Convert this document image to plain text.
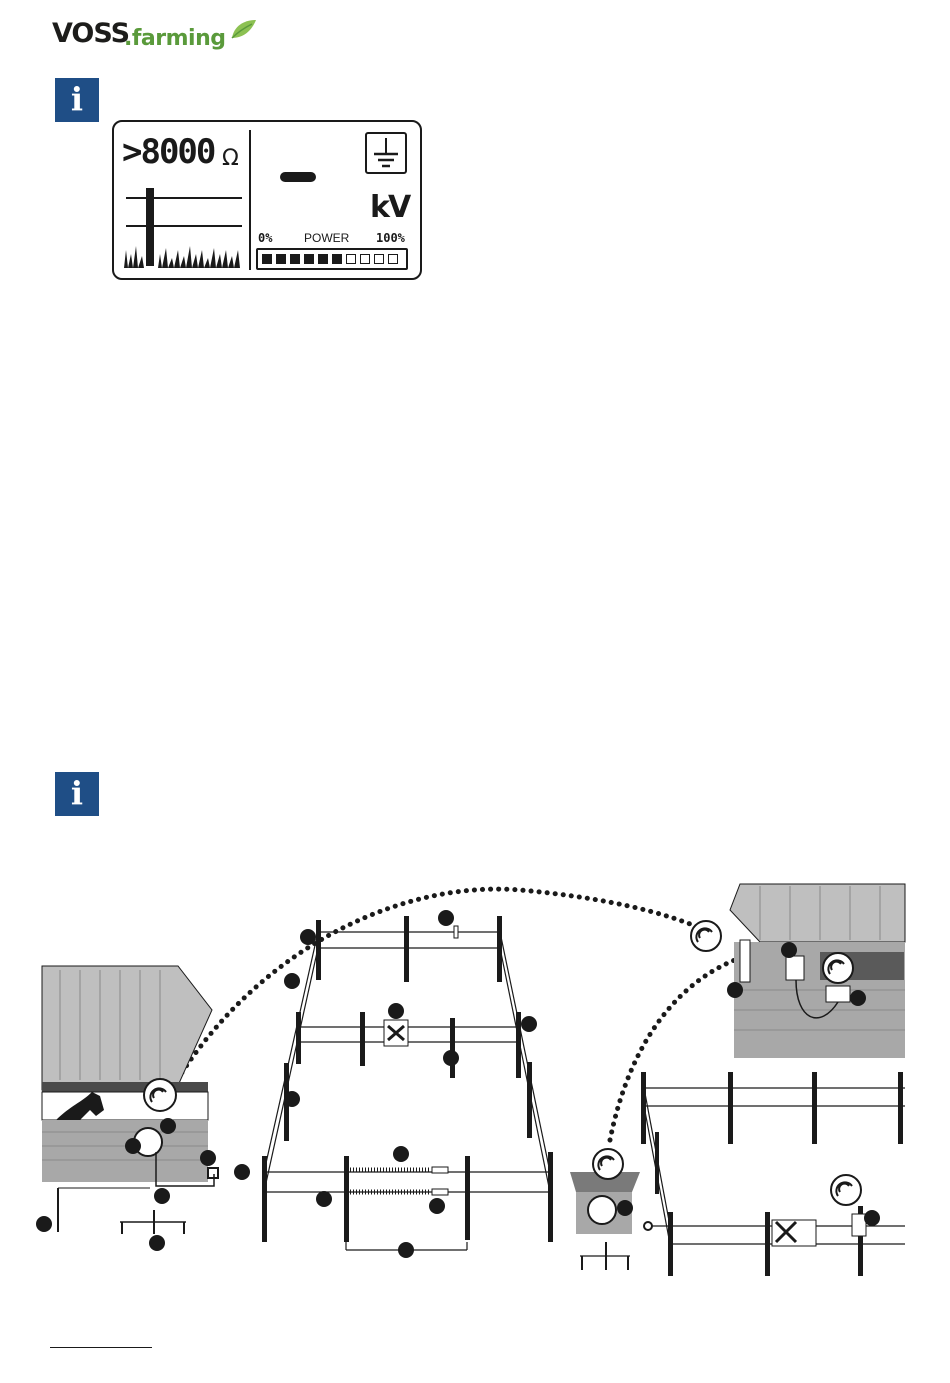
VOSS
.farming
i
>8000 Ω
kV
0%	POWER 100%
i
